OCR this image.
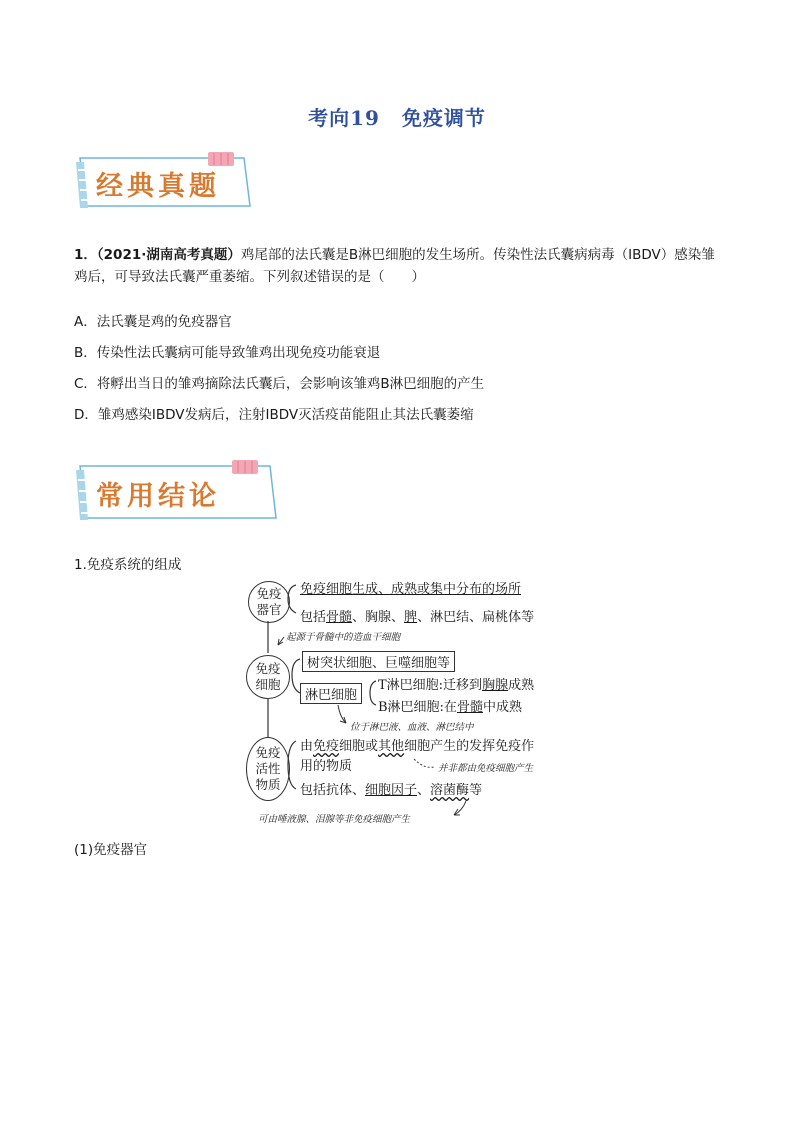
考向19 免疫调节
经典真题
1．（2021·湖南高考真题）鸡尾部的法氏囊是B淋巴细胞的发生场所。传染性法氏囊病病毒（IBDV）感染雏鸡后，可导致法氏囊严重萎缩。下列叙述错误的是（　　）
A．法氏囊是鸡的免疫器官
B．传染性法氏囊病可能导致雏鸡出现免疫功能衰退
C．将孵出当日的雏鸡摘除法氏囊后，会影响该雏鸡B淋巴细胞的产生
D．雏鸡感染IBDV发病后，注射IBDV灭活疫苗能阻止其法氏囊萎缩
常用结论
1.免疫系统的组成
免疫器官
免疫细胞生成、成熟或集中分布的场所
包括骨髓、胸腺、脾、淋巴结、扁桃体等
起源于骨髓中的造血干细胞
免疫细胞
树突状细胞、巨噬细胞等
淋巴细胞
T淋巴细胞:迁移到胸腺成熟
B淋巴细胞:在骨髓中成熟
位于淋巴液、血液、淋巴结中
免疫活性物质
由免疫细胞或其他细胞产生的发挥免疫作
用的物质	并非都由免疫细胞产生
包括抗体、细胞因子、溶菌酶等
可由唾液腺、泪腺等非免疫细胞产生
(1)免疫器官
